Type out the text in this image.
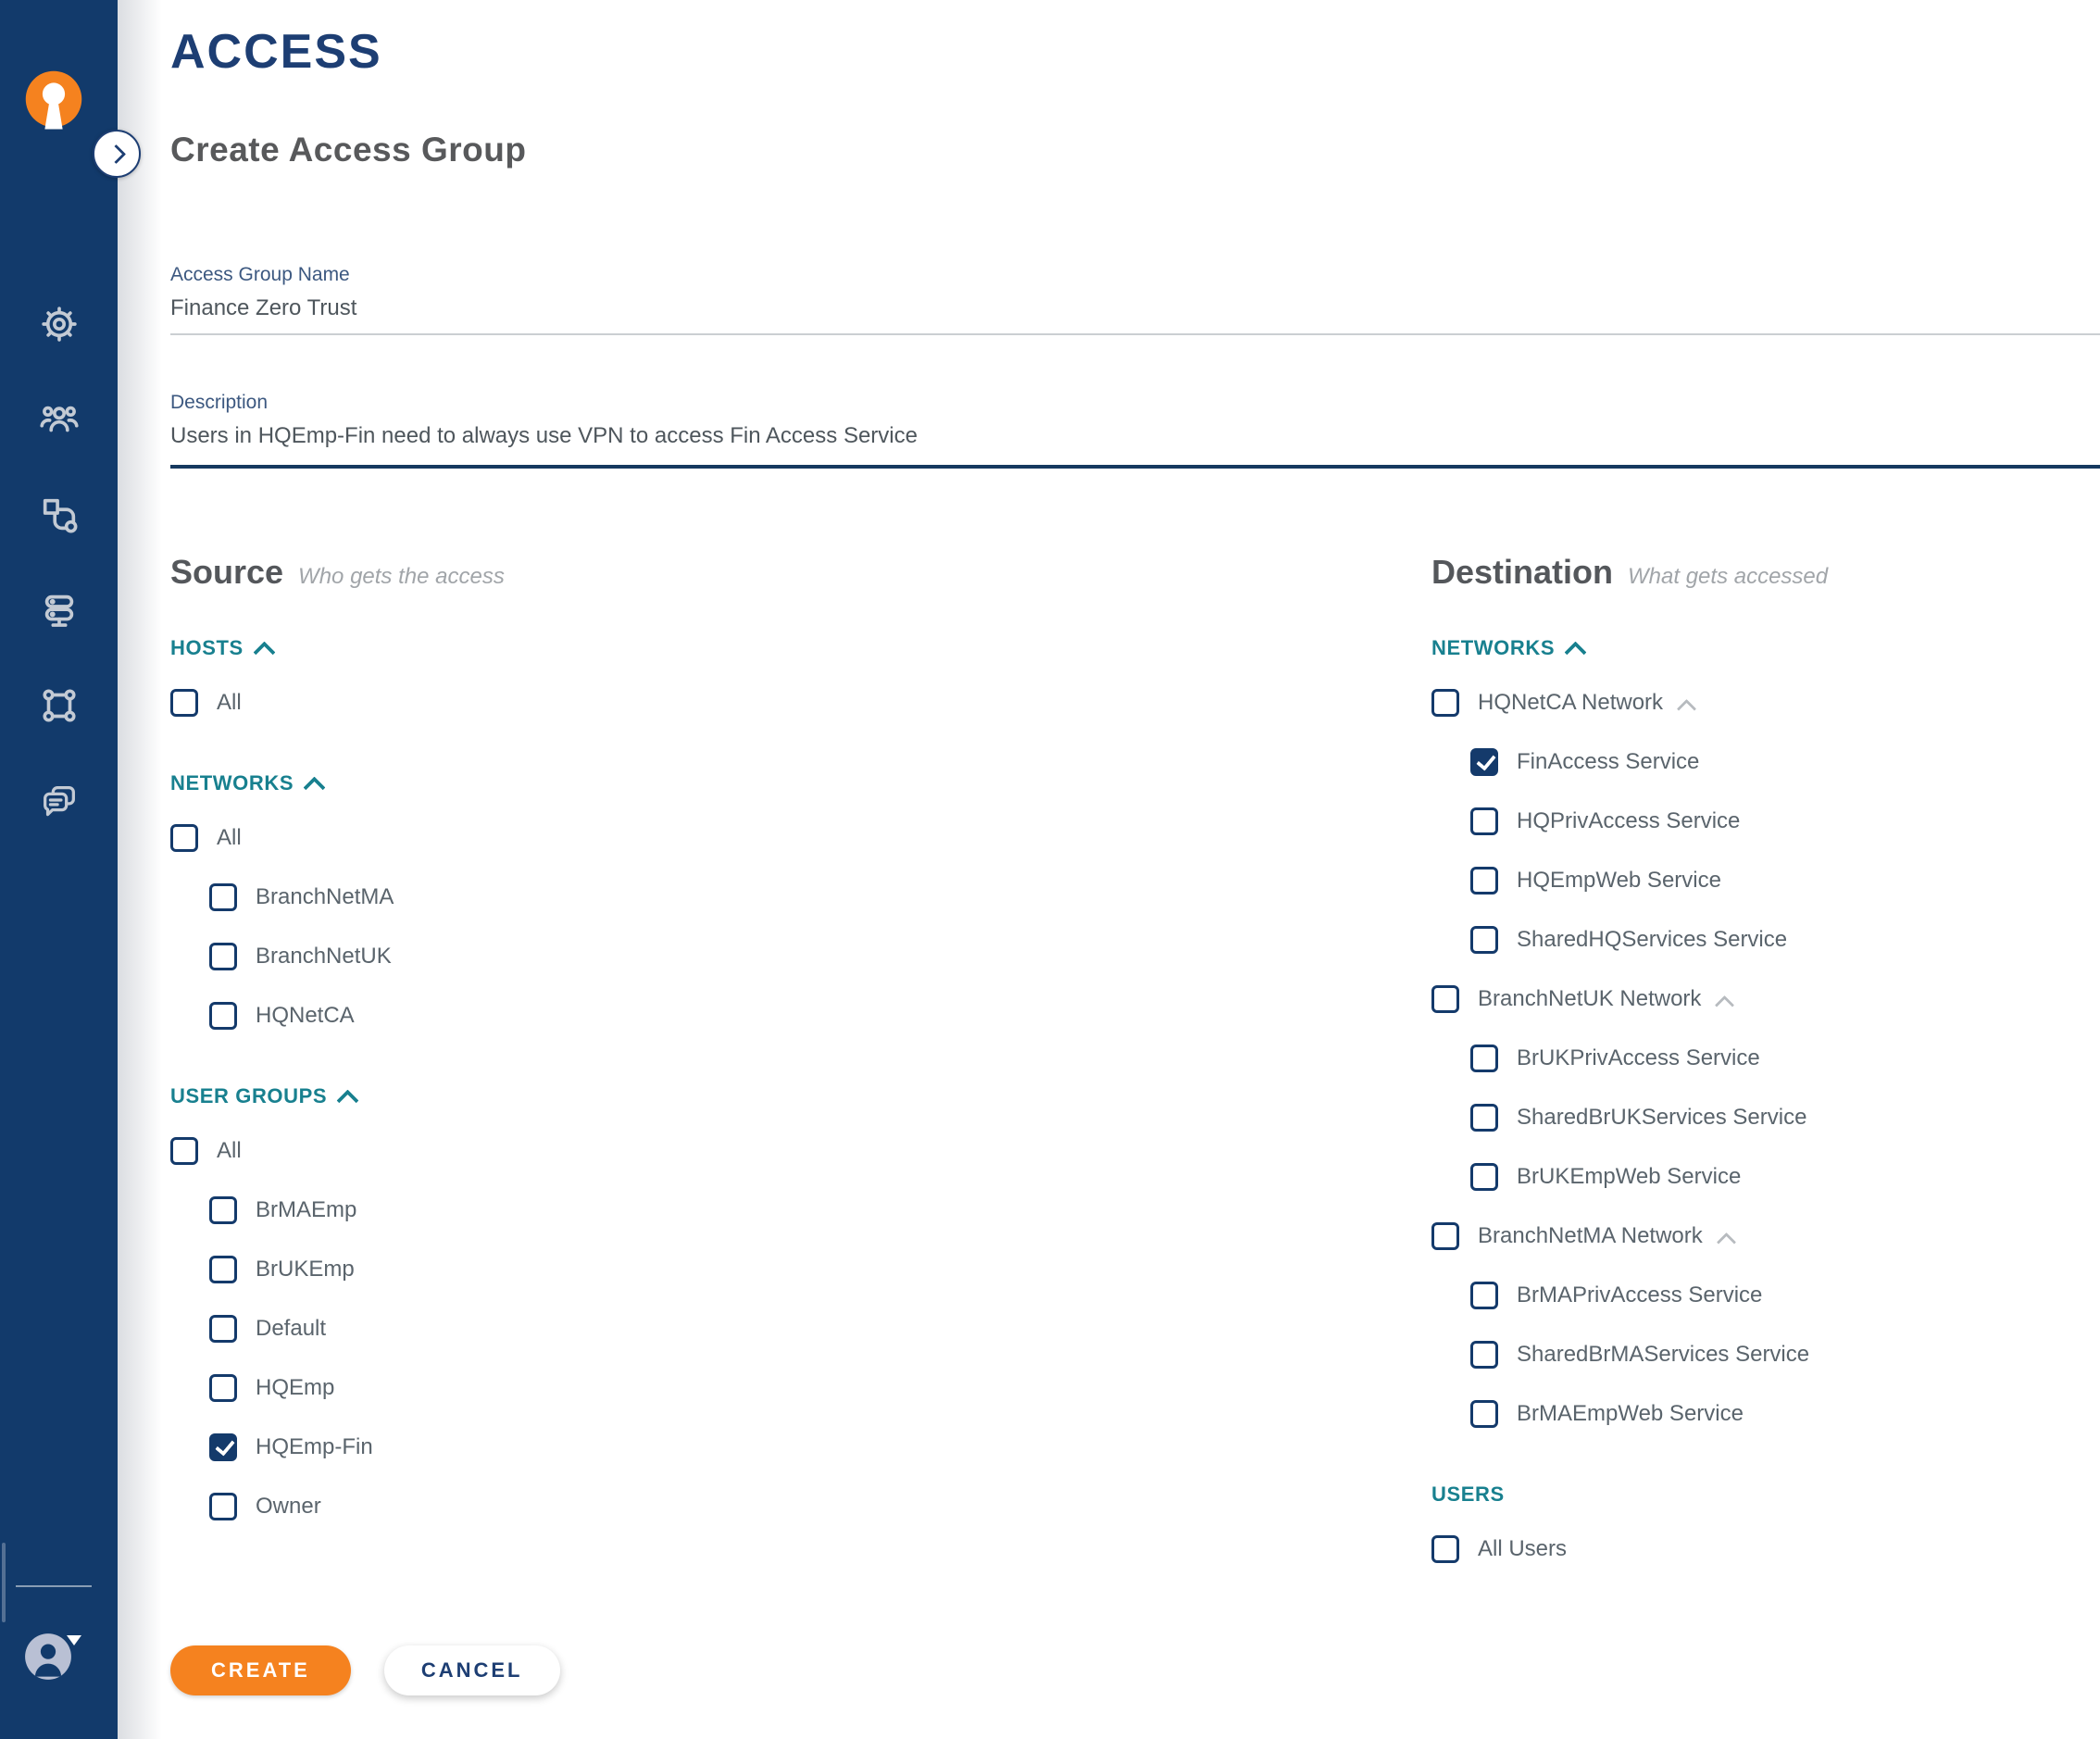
ACCESS
Create Access Group
Access Group Name
Finance Zero Trust
Description
Users in HQEmp-Fin need to always use VPN to access Fin Access Service
Source Who gets the access
HOSTS
All
NETWORKS
All
BranchNetMA
BranchNetUK
HQNetCA
USER GROUPS
All
BrMAEmp
BrUKEmp
Default
HQEmp
HQEmp-Fin
Owner
CREATE	CANCEL
Destination What gets accessed
NETWORKS
HQNetCA Network
FinAccess Service
HQPrivAccess Service
HQEmpWeb Service
SharedHQServices Service
BranchNetUK Network
BrUKPrivAccess Service
SharedBrUKServices Service
BrUKEmpWeb Service
BranchNetMA Network
BrMAPrivAccess Service
SharedBrMAServices Service
BrMAEmpWeb Service
USERS
All Users
